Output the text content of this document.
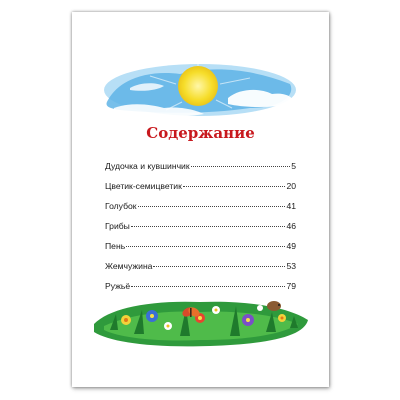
Содержание
Дудочка и кувшинчик	5
Цветик-семицветик	20
Голубок	41
Грибы	46
Пень	49
Жемчужина	53
Ружьё	79
